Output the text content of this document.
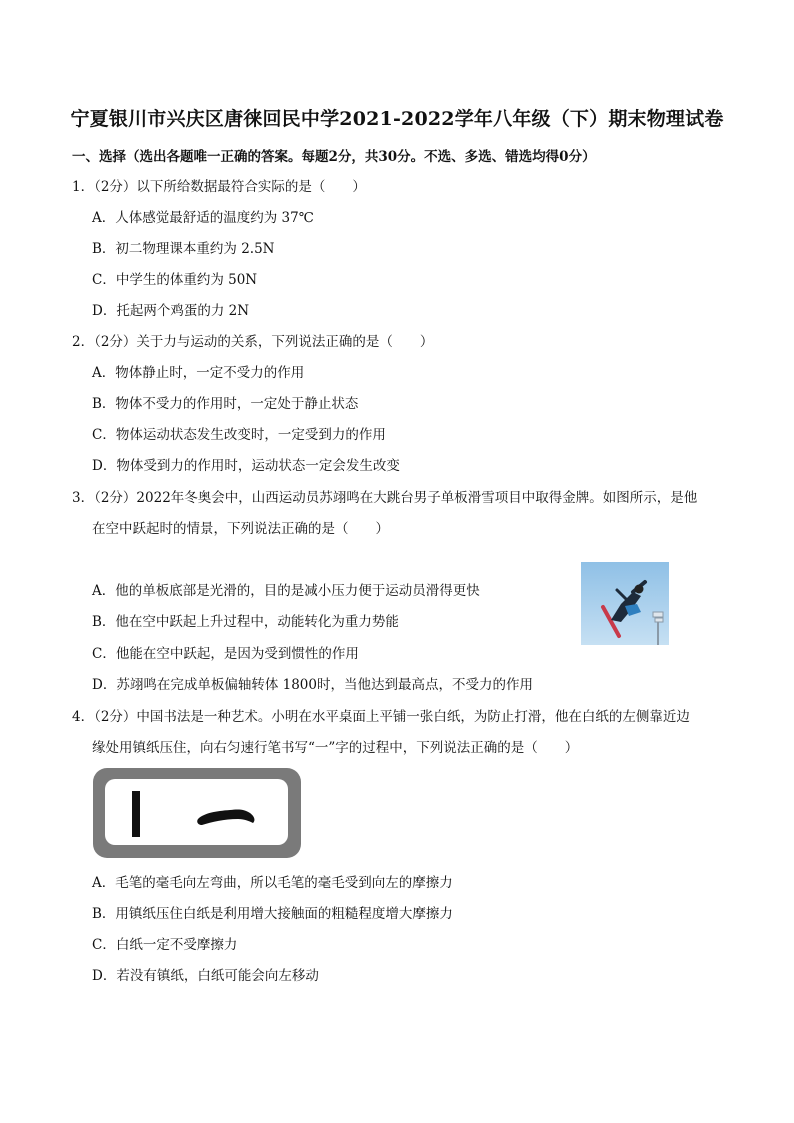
宁夏银川市兴庆区唐徕回民中学2021-2022学年八年级（下）期末物理试卷
一、选择（选出各题唯一正确的答案。每题2分，共30分。不选、多选、错选均得0分）
1．（2分）以下所给数据最符合实际的是（　　）
A．人体感觉最舒适的温度约为 37℃
B．初二物理课本重约为 2.5N
C．中学生的体重约为 50N
D．托起两个鸡蛋的力 2N
2．（2分）关于力与运动的关系，下列说法正确的是（　　）
A．物体静止时，一定不受力的作用
B．物体不受力的作用时，一定处于静止状态
C．物体运动状态发生改变时，一定受到力的作用
D．物体受到力的作用时，运动状态一定会发生改变
3．（2分）2022年冬奥会中，山西运动员苏翊鸣在大跳台男子单板滑雪项目中取得金牌。如图所示，是他
在空中跃起时的情景，下列说法正确的是（　　）
A．他的单板底部是光滑的，目的是减小压力便于运动员滑得更快
B．他在空中跃起上升过程中，动能转化为重力势能
C．他能在空中跃起，是因为受到惯性的作用
D．苏翊鸣在完成单板偏轴转体 1800时，当他达到最高点，不受力的作用
4．（2分）中国书法是一种艺术。小明在水平桌面上平铺一张白纸，为防止打滑，他在白纸的左侧靠近边
缘处用镇纸压住，向右匀速行笔书写“一”字的过程中，下列说法正确的是（　　）
A．毛笔的毫毛向左弯曲，所以毛笔的毫毛受到向左的摩擦力
B．用镇纸压住白纸是利用增大接触面的粗糙程度增大摩擦力
C．白纸一定不受摩擦力
D．若没有镇纸，白纸可能会向左移动
